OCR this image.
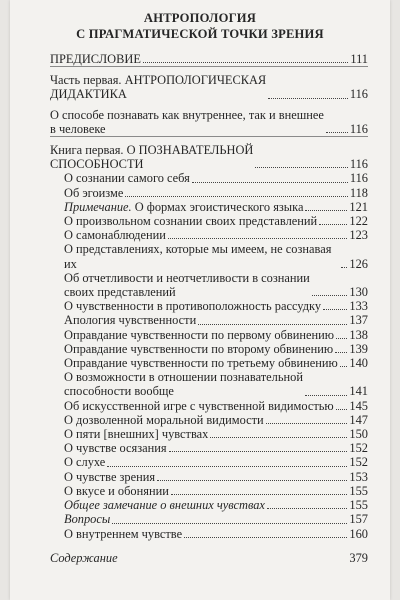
АНТРОПОЛОГИЯ
С ПРАГМАТИЧЕСКОЙ ТОЧКИ ЗРЕНИЯ
ПРЕДИСЛОВИЕ	111
Часть первая. АНТРОПОЛОГИЧЕСКАЯ
ДИДАКТИКА	116
О способе познавать как внутреннее, так и внешнее
в человеке	116
Книга первая. О ПОЗНАВАТЕЛЬНОЙ
СПОСОБНОСТИ	116
О сознании самого себя	116
Об эгоизме	118
Примечание. О формах эгоистического языка	121
О произвольном сознании своих представлений	122
О самонаблюдении	123
О представлениях, которые мы имеем, не сознавая их	126
Об отчетливости и неотчетливости в сознании
своих представлений	130
О чувственности в противоположность рассудку 133
Апология чувственности	137
Оправдание чувственности по первому обвинению 138
Оправдание чувственности по второму обвинению 139
Оправдание чувственности по третьему обвинению 140
О возможности в отношении познавательной
способности вообще	141
Об искусственной игре с чувственной видимостью 145
О дозволенной моральной видимости	147
О пяти [внешних] чувствах	150
О чувстве осязания	152
О слухе	152
О чувстве зрения	153
О вкусе и обонянии	155
Общее замечание о внешних чувствах	155
Вопросы	157
О внутреннем чувстве	160
Содержание	379
